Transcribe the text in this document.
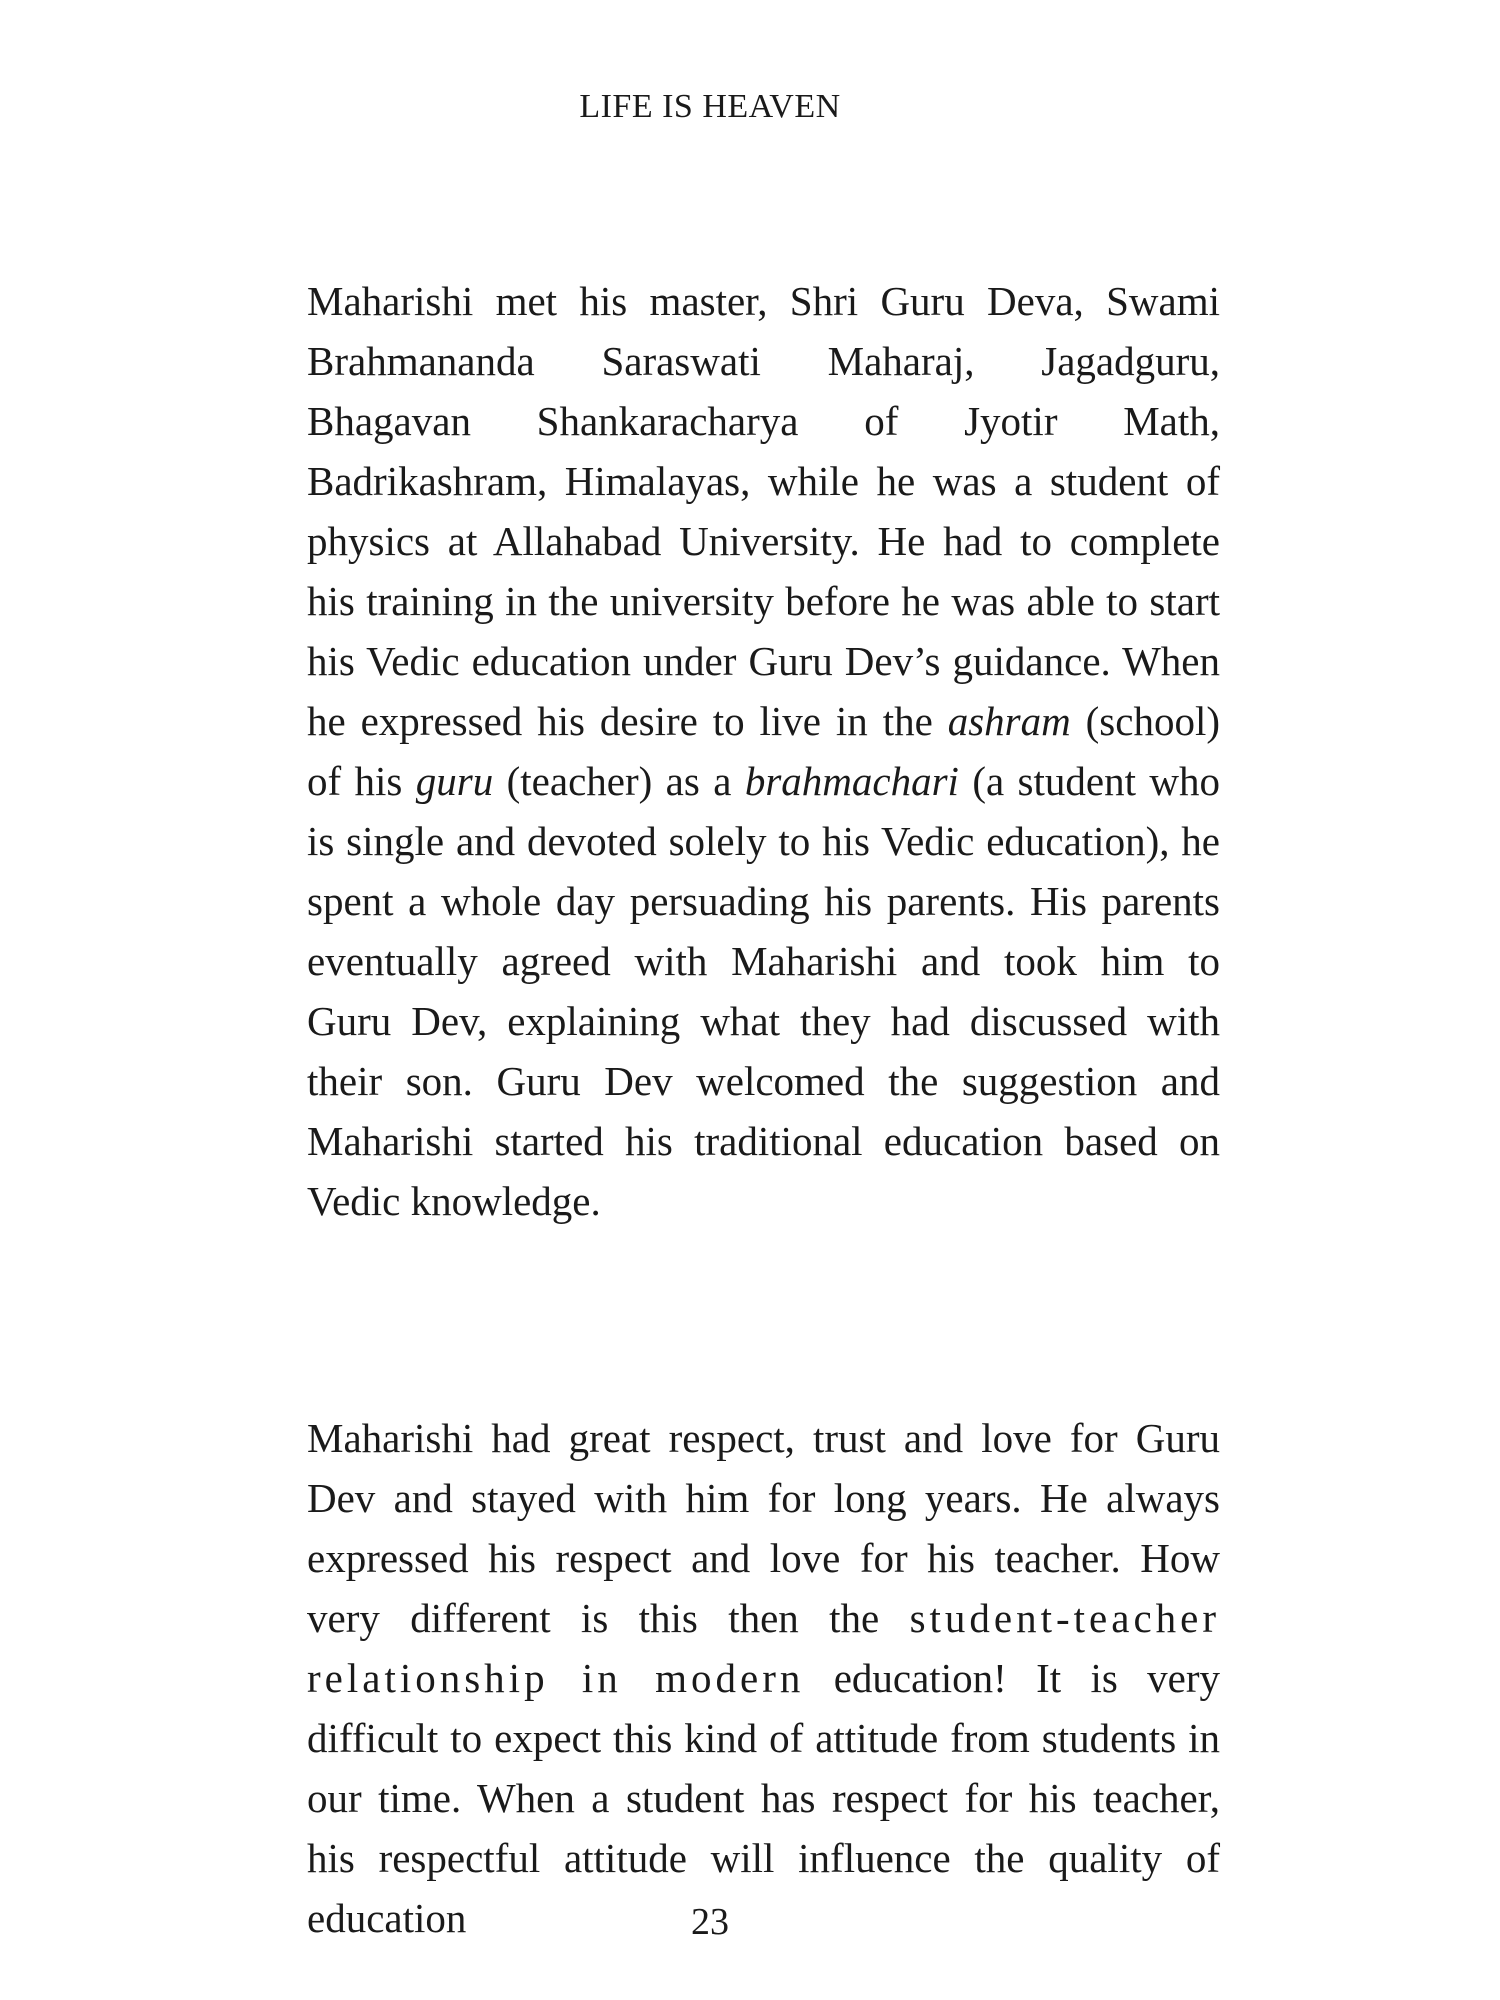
LIFE IS HEAVEN

Maharishi met his master, Shri Guru Deva, Swami Brahmananda Saraswati Maharaj, Jagadguru, Bhagavan Shankaracharya of Jyotir Math, Badrikashram, Himalayas, while he was a student of physics at Allahabad University. He had to complete his training in the university before he was able to start his Vedic education under Guru Dev’s guidance. When he expressed his desire to live in the ashram (school) of his guru (teacher) as a brahmachari (a student who is single and devoted solely to his Vedic education), he spent a whole day persuading his parents. His parents eventually agreed with Maharishi and took him to Guru Dev, explaining what they had discussed with their son. Guru Dev welcomed the suggestion and Maharishi started his traditional education based on Vedic knowledge.

Maharishi had great respect, trust and love for Guru Dev and stayed with him for long years. He always expressed his respect and love for his teacher. How very different is this then the student-teacher relationship in modern education! It is very difficult to expect this kind of attitude from students in our time. When a student has respect for his teacher, his respectful attitude will influence the quality of education	23
